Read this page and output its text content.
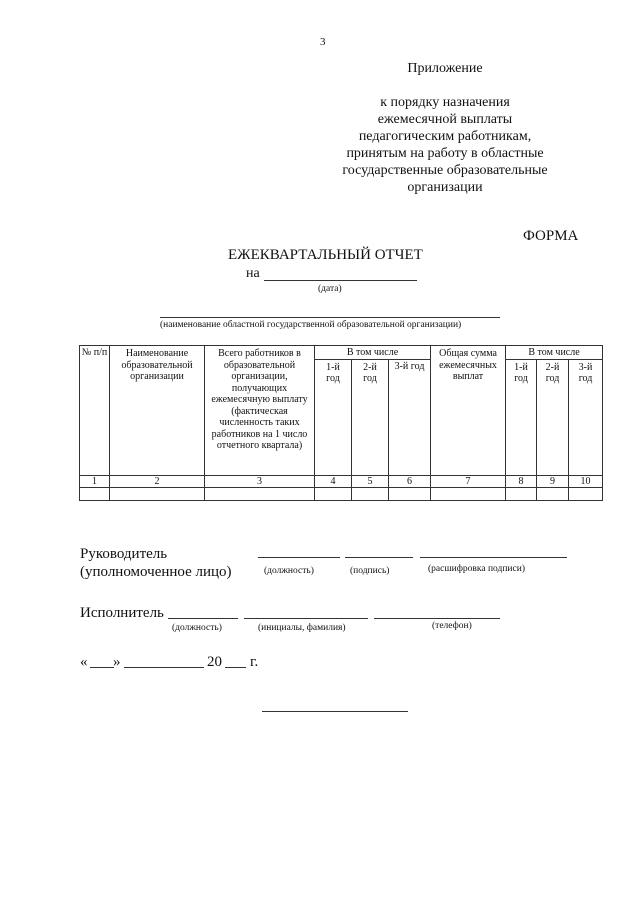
3
Приложение
к порядку назначения
ежемесячной выплаты
педагогическим работникам,
принятым на работу в областные
государственные образовательные
организации
ФОРМА
ЕЖЕКВАРТАЛЬНЫЙ ОТЧЕТ
на
(дата)
(наименование областной государственной образовательной организации)
№ п/п	Наименование образовательной организации	Всего работников в образовательной организации, получающих ежемесячную выплату (фактическая численность таких работников на 1 число отчетного квартала)	В том числе			Общая сумма ежемесячных выплат	В том числе		
			1-й год	2-й год	3-й год		1-й год	2-й год	3-й год
1	2	3	4	5	6	7	8	9	10

Руководитель
(уполномоченное лицо)	(должность)	(подпись)	(расшифровка подписи)
Исполнитель
(должность)	(инициалы, фамилия)	(телефон)
« »	20 г.
